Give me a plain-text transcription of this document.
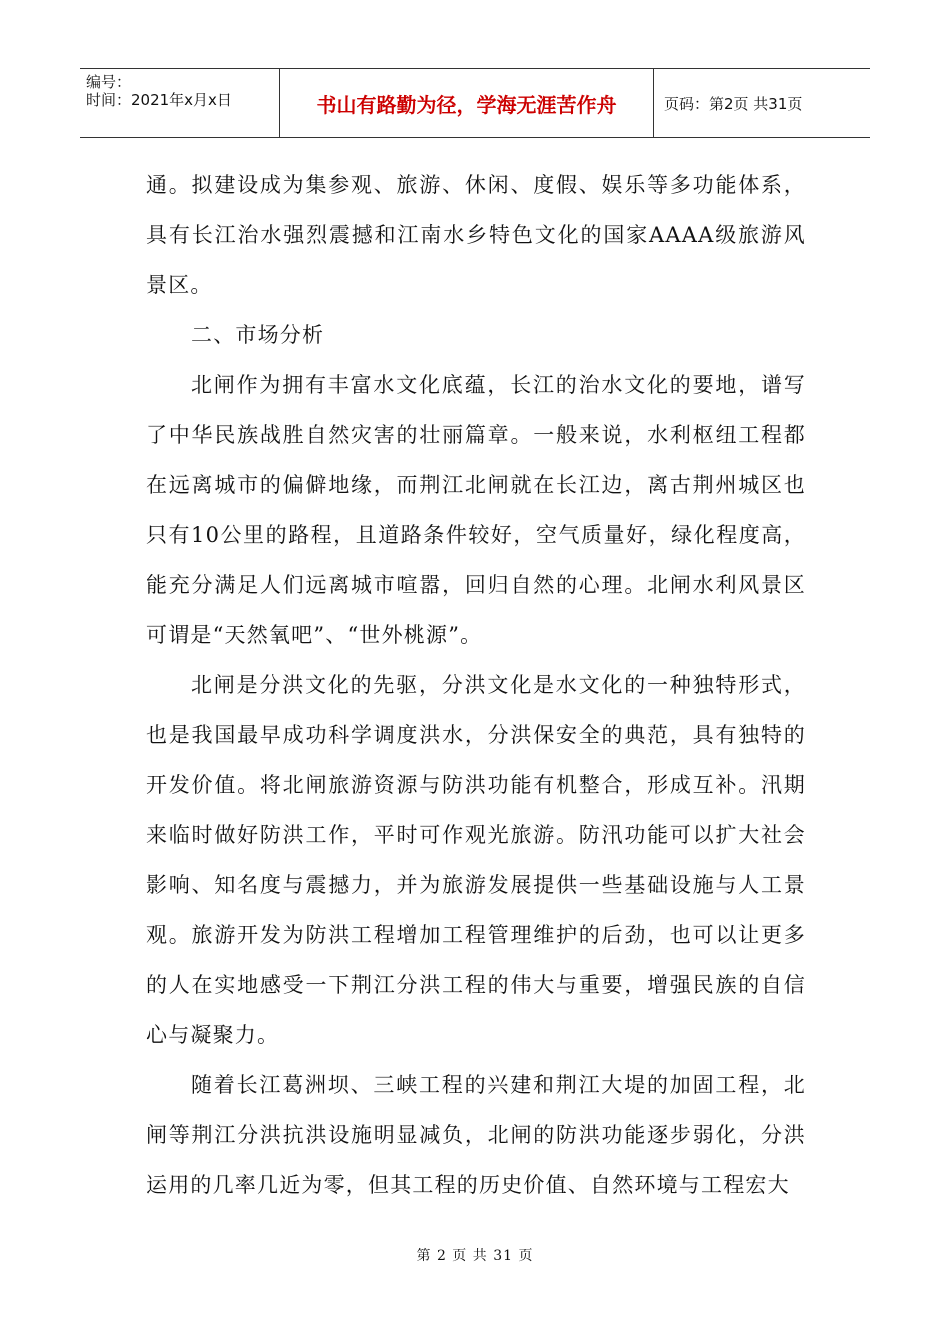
编号：
时间：2021年x月x日	书山有路勤为径，学海无涯苦作舟	页码：第2页 共31页

通。拟建设成为集参观、旅游、休闲、度假、娱乐等多功能体系，具有长江治水强烈震撼和江南水乡特色文化的国家AAAA级旅游风景区。

二、市场分析

北闸作为拥有丰富水文化底蕴，长江的治水文化的要地，谱写了中华民族战胜自然灾害的壮丽篇章。一般来说，水利枢纽工程都在远离城市的偏僻地缘，而荆江北闸就在长江边，离古荆州城区也只有10公里的路程，且道路条件较好，空气质量好，绿化程度高，能充分满足人们远离城市喧嚣，回归自然的心理。北闸水利风景区可谓是“天然氧吧”、“世外桃源”。

北闸是分洪文化的先驱，分洪文化是水文化的一种独特形式，也是我国最早成功科学调度洪水，分洪保安全的典范，具有独特的开发价值。将北闸旅游资源与防洪功能有机整合，形成互补。汛期来临时做好防洪工作，平时可作观光旅游。防汛功能可以扩大社会影响、知名度与震撼力，并为旅游发展提供一些基础设施与人工景观。旅游开发为防洪工程增加工程管理维护的后劲，也可以让更多的人在实地感受一下荆江分洪工程的伟大与重要，增强民族的自信心与凝聚力。

随着长江葛洲坝、三峡工程的兴建和荆江大堤的加固工程，北闸等荆江分洪抗洪设施明显减负，北闸的防洪功能逐步弱化，分洪运用的几率几近为零，但其工程的历史价值、自然环境与工程宏大

第 2 页 共 31 页
